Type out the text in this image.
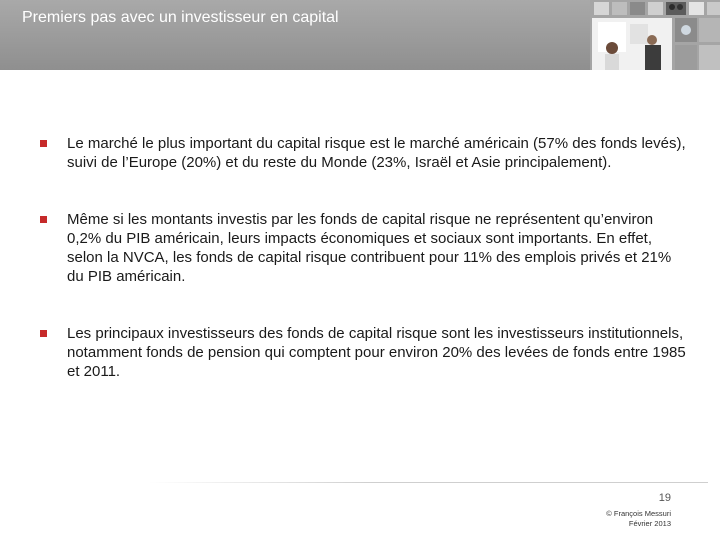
Premiers pas avec un investisseur en capital
Le marché le plus important du capital risque est le marché américain (57% des fonds levés), suivi de l’Europe (20%) et du reste du Monde (23%, Israël et Asie principalement).
Même si les montants investis par les fonds de capital risque ne représentent qu’environ 0,2% du PIB américain, leurs impacts économiques et sociaux sont importants. En effet, selon la NVCA, les fonds de capital risque contribuent pour 11% des emplois privés et 21% du PIB américain.
Les principaux investisseurs des fonds de capital risque sont les investisseurs institutionnels, notamment fonds de pension qui comptent pour environ 20% des levées de fonds entre 1985 et 2011.
19
© François Messuri
Février 2013
